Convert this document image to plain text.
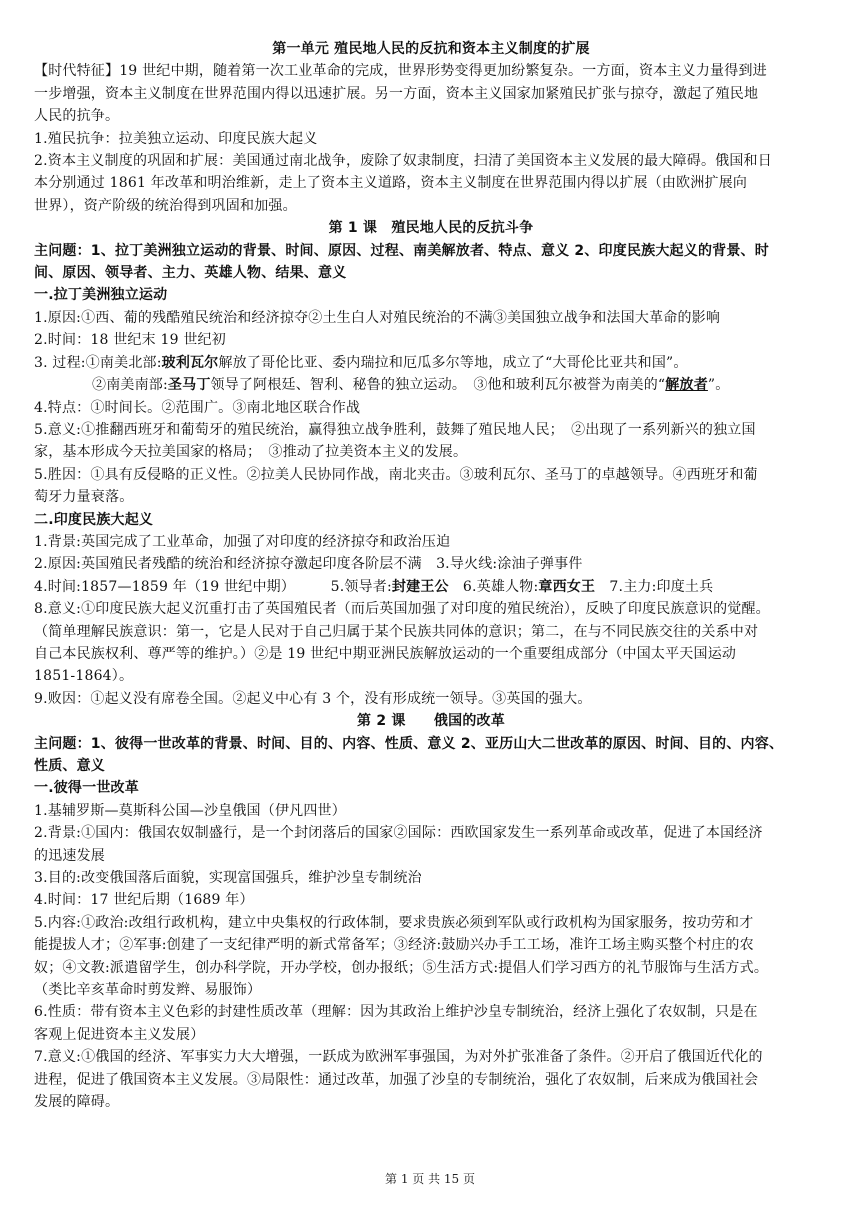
第一单元 殖民地人民的反抗和资本主义制度的扩展
【时代特征】19 世纪中期，随着第一次工业革命的完成，世界形势变得更加纷繁复杂。一方面，资本主义力量得到进
一步增强，资本主义制度在世界范围内得以迅速扩展。另一方面，资本主义国家加紧殖民扩张与掠夺，激起了殖民地
人民的抗争。
1.殖民抗争：拉美独立运动、印度民族大起义
2.资本主义制度的巩固和扩展：美国通过南北战争，废除了奴隶制度，扫清了美国资本主义发展的最大障碍。俄国和日
本分别通过 1861 年改革和明治维新，走上了资本主义道路，资本主义制度在世界范围内得以扩展（由欧洲扩展向
世界），资产阶级的统治得到巩固和加强。
第 1 课　殖民地人民的反抗斗争
主问题：1、拉丁美洲独立运动的背景、时间、原因、过程、南美解放者、特点、意义 2、印度民族大起义的背景、时
间、原因、领导者、主力、英雄人物、结果、意义
一.拉丁美洲独立运动
1.原因:①西、葡的残酷殖民统治和经济掠夺②土生白人对殖民统治的不满③美国独立战争和法国大革命的影响
2.时间：18 世纪末 19 世纪初
3. 过程:①南美北部:玻利瓦尔解放了哥伦比亚、委内瑞拉和厄瓜多尔等地，成立了“大哥伦比亚共和国”。
②南美南部:圣马丁领导了阿根廷、智利、秘鲁的独立运动。　③他和玻利瓦尔被誉为南美的“解放者”。
4.特点：①时间长。②范围广。③南北地区联合作战
5.意义:①推翻西班牙和葡萄牙的殖民统治，赢得独立战争胜利，鼓舞了殖民地人民；　②出现了一系列新兴的独立国
家，基本形成今天拉美国家的格局；　③推动了拉美资本主义的发展。
5.胜因：①具有反侵略的正义性。②拉美人民协同作战，南北夹击。③玻利瓦尔、圣马丁的卓越领导。④西班牙和葡
萄牙力量衰落。
二.印度民族大起义
1.背景:英国完成了工业革命，加强了对印度的经济掠夺和政治压迫
2.原因:英国殖民者残酷的统治和经济掠夺激起印度各阶层不满　3.导火线:涂油子弹事件
4.时间:1857—1859 年（19 世纪中期）　　　5.领导者:封建王公　6.英雄人物:章西女王　7.主力:印度土兵
8.意义:①印度民族大起义沉重打击了英国殖民者（而后英国加强了对印度的殖民统治），反映了印度民族意识的觉醒。
（简单理解民族意识：第一，它是人民对于自己归属于某个民族共同体的意识；第二，在与不同民族交往的关系中对
自己本民族权利、尊严等的维护。）②是 19 世纪中期亚洲民族解放运动的一个重要组成部分（中国太平天国运动
1851-1864）。
9.败因：①起义没有席卷全国。②起义中心有 3 个，没有形成统一领导。③英国的强大。
第 2 课　　俄国的改革
主问题：1、彼得一世改革的背景、时间、目的、内容、性质、意义 2、亚历山大二世改革的原因、时间、目的、内容、
性质、意义
一.彼得一世改革
1.基辅罗斯—莫斯科公国—沙皇俄国（伊凡四世）
2.背景:①国内：俄国农奴制盛行，是一个封闭落后的国家②国际：西欧国家发生一系列革命或改革，促进了本国经济
的迅速发展
3.目的:改变俄国落后面貌，实现富国强兵，维护沙皇专制统治
4.时间：17 世纪后期（1689 年）
5.内容:①政治:改组行政机构，建立中央集权的行政体制，要求贵族必须到军队或行政机构为国家服务，按功劳和才
能提拔人才；②军事:创建了一支纪律严明的新式常备军；③经济:鼓励兴办手工工场，准许工场主购买整个村庄的农
奴；④文教:派遣留学生，创办科学院，开办学校，创办报纸；⑤生活方式:提倡人们学习西方的礼节服饰与生活方式。
（类比辛亥革命时剪发辫、易服饰）
6.性质：带有资本主义色彩的封建性质改革（理解：因为其政治上维护沙皇专制统治，经济上强化了农奴制，只是在
客观上促进资本主义发展）
7.意义:①俄国的经济、军事实力大大增强，一跃成为欧洲军事强国，为对外扩张准备了条件。②开启了俄国近代化的
进程，促进了俄国资本主义发展。③局限性：通过改革，加强了沙皇的专制统治，强化了农奴制，后来成为俄国社会
发展的障碍。
第 1 页 共 15 页
